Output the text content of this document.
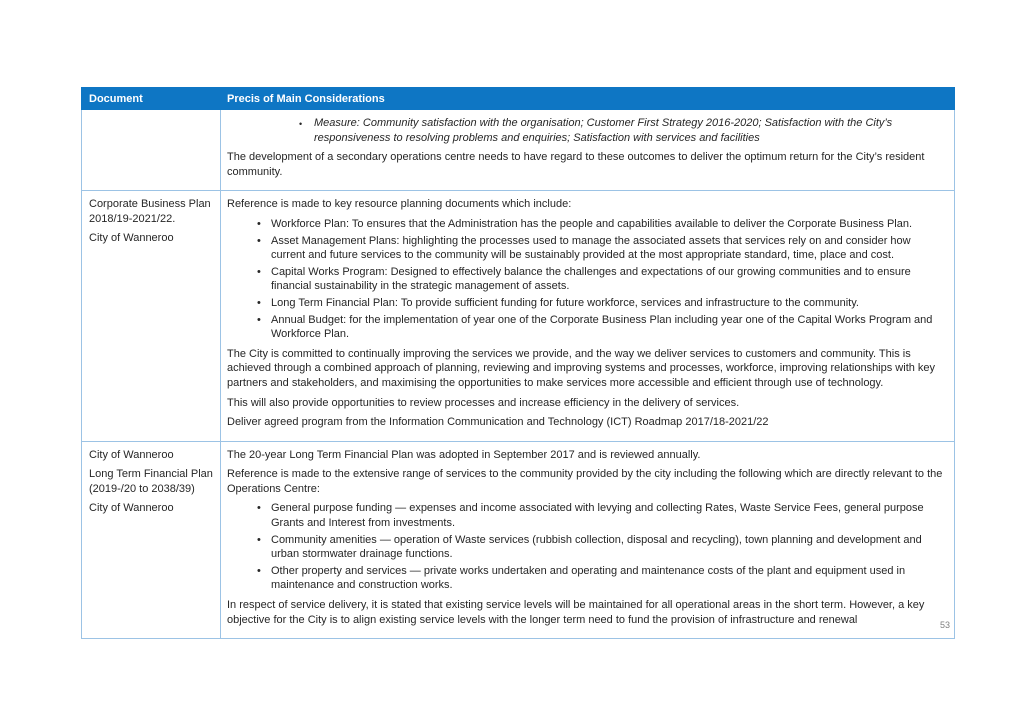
Document	Precis of Main Considerations

• Measure: Community satisfaction with the organisation; Customer First Strategy 2016-2020; Satisfaction with the City’s responsiveness to resolving problems and enquiries; Satisfaction with services and facilities

The development of a secondary operations centre needs to have regard to these outcomes to deliver the optimum return for the City’s resident community.

Corporate Business Plan 2018/19-2021/22.

City of Wanneroo

Reference is made to key resource planning documents which include:

• Workforce Plan: To ensures that the Administration has the people and capabilities available to deliver the Corporate Business Plan.

• Asset Management Plans: highlighting the processes used to manage the associated assets that services rely on and consider how current and future services to the community will be sustainably provided at the most appropriate standard, time, place and cost.

• Capital Works Program: Designed to effectively balance the challenges and expectations of our growing communities and to ensure financial sustainability in the strategic management of assets.

• Long Term Financial Plan: To provide sufficient funding for future workforce, services and infrastructure to the community.

• Annual Budget: for the implementation of year one of the Corporate Business Plan including year one of the Capital Works Program and Workforce Plan.

The City is committed to continually improving the services we provide, and the way we deliver services to customers and community. This is achieved through a combined approach of planning, reviewing and improving systems and processes, workforce, improving relationships with key partners and stakeholders, and maximising the opportunities to make services more accessible and efficient through use of technology.

This will also provide opportunities to review processes and increase efficiency in the delivery of services.

Deliver agreed program from the Information Communication and Technology (ICT) Roadmap 2017/18-2021/22

City of Wanneroo

Long Term Financial Plan (2019-/20 to 2038/39)

City of Wanneroo

The 20-year Long Term Financial Plan was adopted in September 2017 and is reviewed annually.

Reference is made to the extensive range of services to the community provided by the city including the following which are directly relevant to the Operations Centre:

• General purpose funding — expenses and income associated with levying and collecting Rates, Waste Service Fees, general purpose Grants and Interest from investments.

• Community amenities — operation of Waste services (rubbish collection, disposal and recycling), town planning and development and urban stormwater drainage functions.

• Other property and services — private works undertaken and operating and maintenance costs of the plant and equipment used in maintenance and construction works.

In respect of service delivery, it is stated that existing service levels will be maintained for all operational areas in the short term. However, a key objective for the City is to align existing service levels with the longer term need to fund the provision of infrastructure and renewal	53
